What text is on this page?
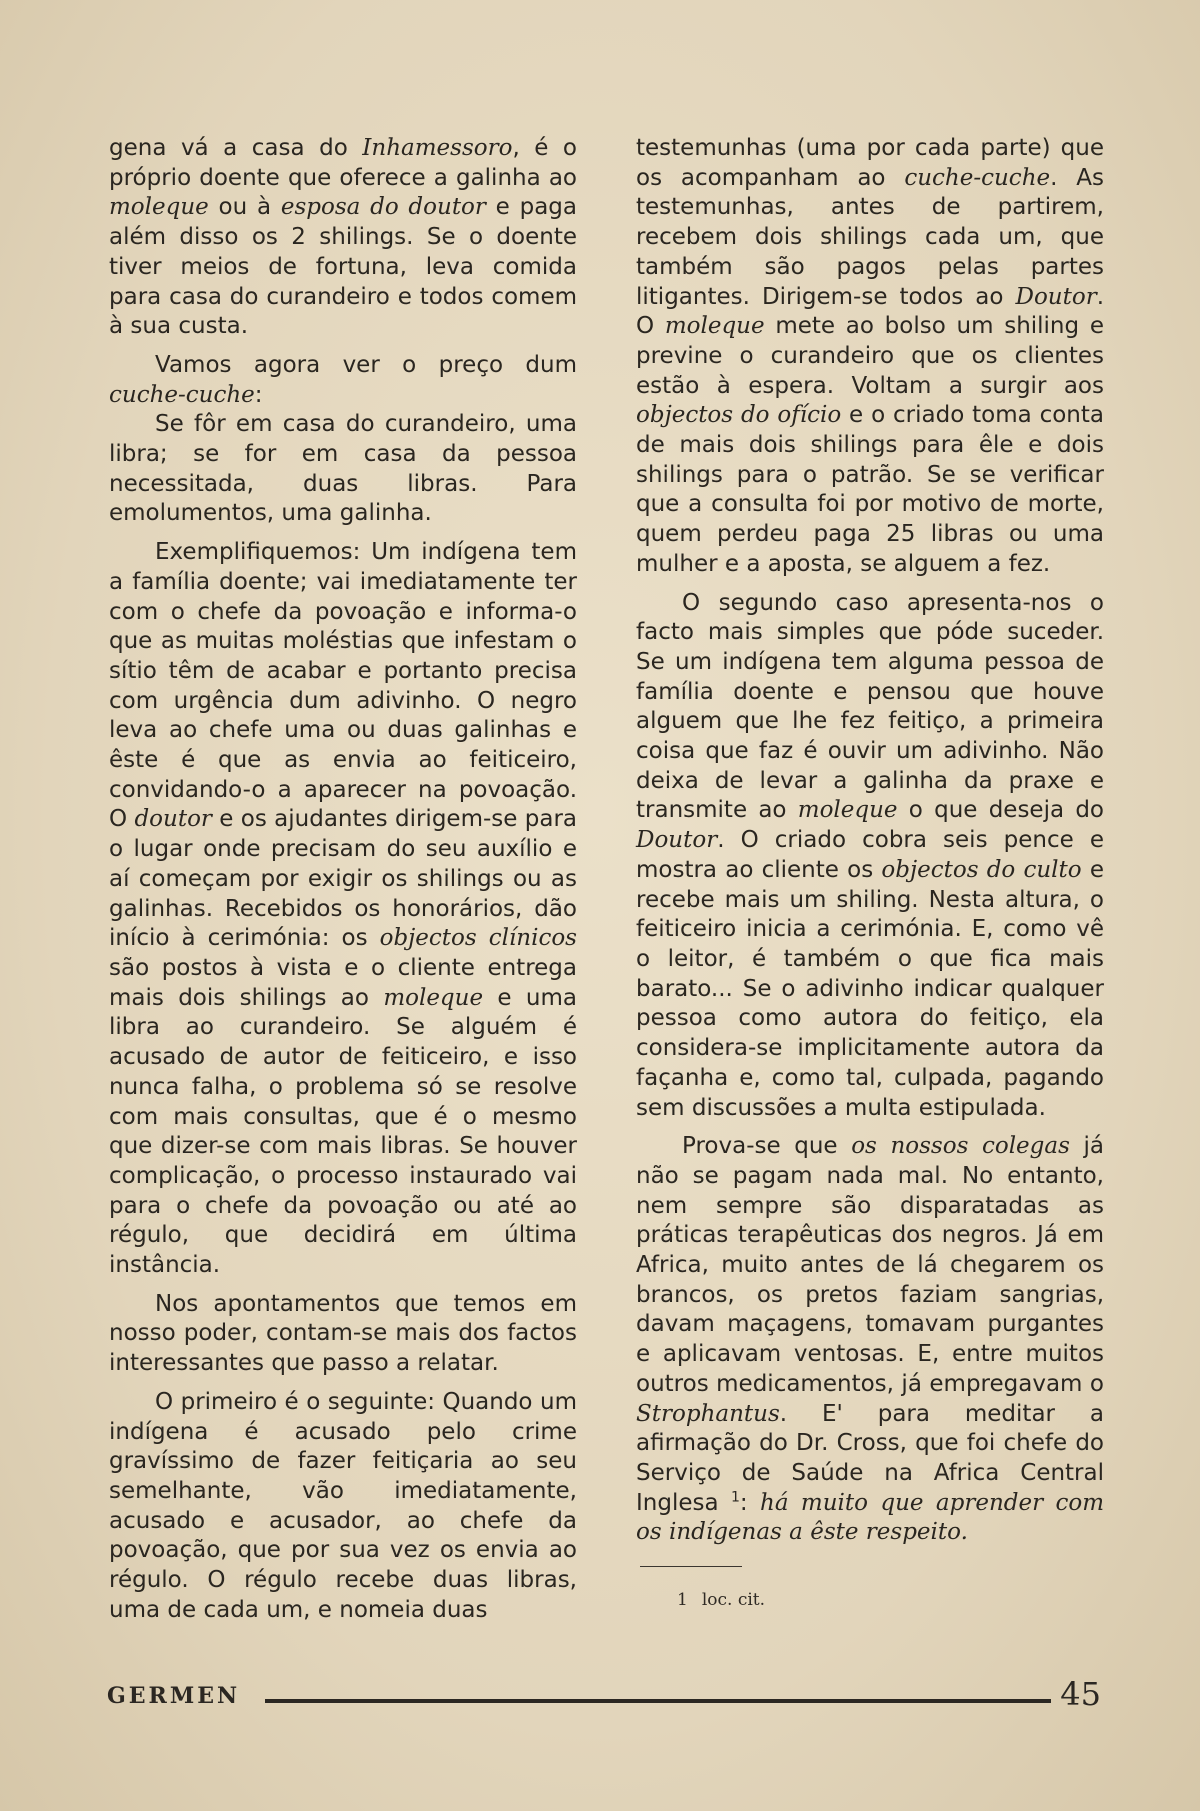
gena vá a casa do Inhamessoro, é o próprio doente que oferece a galinha ao moleque ou à esposa do doutor e paga além disso os 2 shilings. Se o doente tiver meios de fortuna, leva comida para casa do curandeiro e todos comem à sua custa.

Vamos agora ver o preço dum cuche-cuche:

Se fôr em casa do curandeiro, uma libra; se for em casa da pessoa necessitada, duas libras. Para emolumentos, uma galinha.

Exemplifiquemos: Um indígena tem a família doente; vai imediatamente ter com o chefe da povoação e informa-o que as muitas moléstias que infestam o sítio têm de acabar e portanto precisa com urgência dum adivinho. O negro leva ao chefe uma ou duas galinhas e êste é que as envia ao feiticeiro, convidando-o a aparecer na povoação. O doutor e os ajudantes dirigem-se para o lugar onde precisam do seu auxílio e aí começam por exigir os shilings ou as galinhas. Recebidos os honorários, dão início à cerimónia: os objectos clínicos são postos à vista e o cliente entrega mais dois shilings ao moleque e uma libra ao curandeiro. Se alguém é acusado de autor de feiticeiro, e isso nunca falha, o problema só se resolve com mais consultas, que é o mesmo que dizer-se com mais libras. Se houver complicação, o processo instaurado vai para o chefe da povoação ou até ao régulo, que decidirá em última instância.

Nos apontamentos que temos em nosso poder, contam-se mais dos factos interessantes que passo a relatar.

O primeiro é o seguinte: Quando um indígena é acusado pelo crime gravíssimo de fazer feitiçaria ao seu semelhante, vão imediatamente, acusado e acusador, ao chefe da povoação, que por sua vez os envia ao régulo. O régulo recebe duas libras, uma de cada um, e nomeia duas

testemunhas (uma por cada parte) que os acompanham ao cuche-cuche. As testemunhas, antes de partirem, recebem dois shilings cada um, que também são pagos pelas partes litigantes. Dirigem-se todos ao Doutor. O moleque mete ao bolso um shiling e previne o curandeiro que os clientes estão à espera. Voltam a surgir aos objectos do ofício e o criado toma conta de mais dois shilings para êle e dois shilings para o patrão. Se se verificar que a consulta foi por motivo de morte, quem perdeu paga 25 libras ou uma mulher e a aposta, se alguem a fez.

O segundo caso apresenta-nos o facto mais simples que póde suceder. Se um indígena tem alguma pessoa de família doente e pensou que houve alguem que lhe fez feitiço, a primeira coisa que faz é ouvir um adivinho. Não deixa de levar a galinha da praxe e transmite ao moleque o que deseja do Doutor. O criado cobra seis pence e mostra ao cliente os objectos do culto e recebe mais um shiling. Nesta altura, o feiticeiro inicia a cerimónia. E, como vê o leitor, é também o que fica mais barato... Se o adivinho indicar qualquer pessoa como autora do feitiço, ela considera-se implicitamente autora da façanha e, como tal, culpada, pagando sem discussões a multa estipulada.

Prova-se que os nossos colegas já não se pagam nada mal. No entanto, nem sempre são disparatadas as práticas terapêuticas dos negros. Já em Africa, muito antes de lá chegarem os brancos, os pretos faziam sangrias, davam maçagens, tomavam purgantes e aplicavam ventosas. E, entre muitos outros medicamentos, já empregavam o Strophantus. E' para meditar a afirmação do Dr. Cross, que foi chefe do Serviço de Saúde na Africa Central Inglesa $^1$: há muito que aprender com os indígenas a êste respeito.

1 loc. cit.
GERMEN	45
